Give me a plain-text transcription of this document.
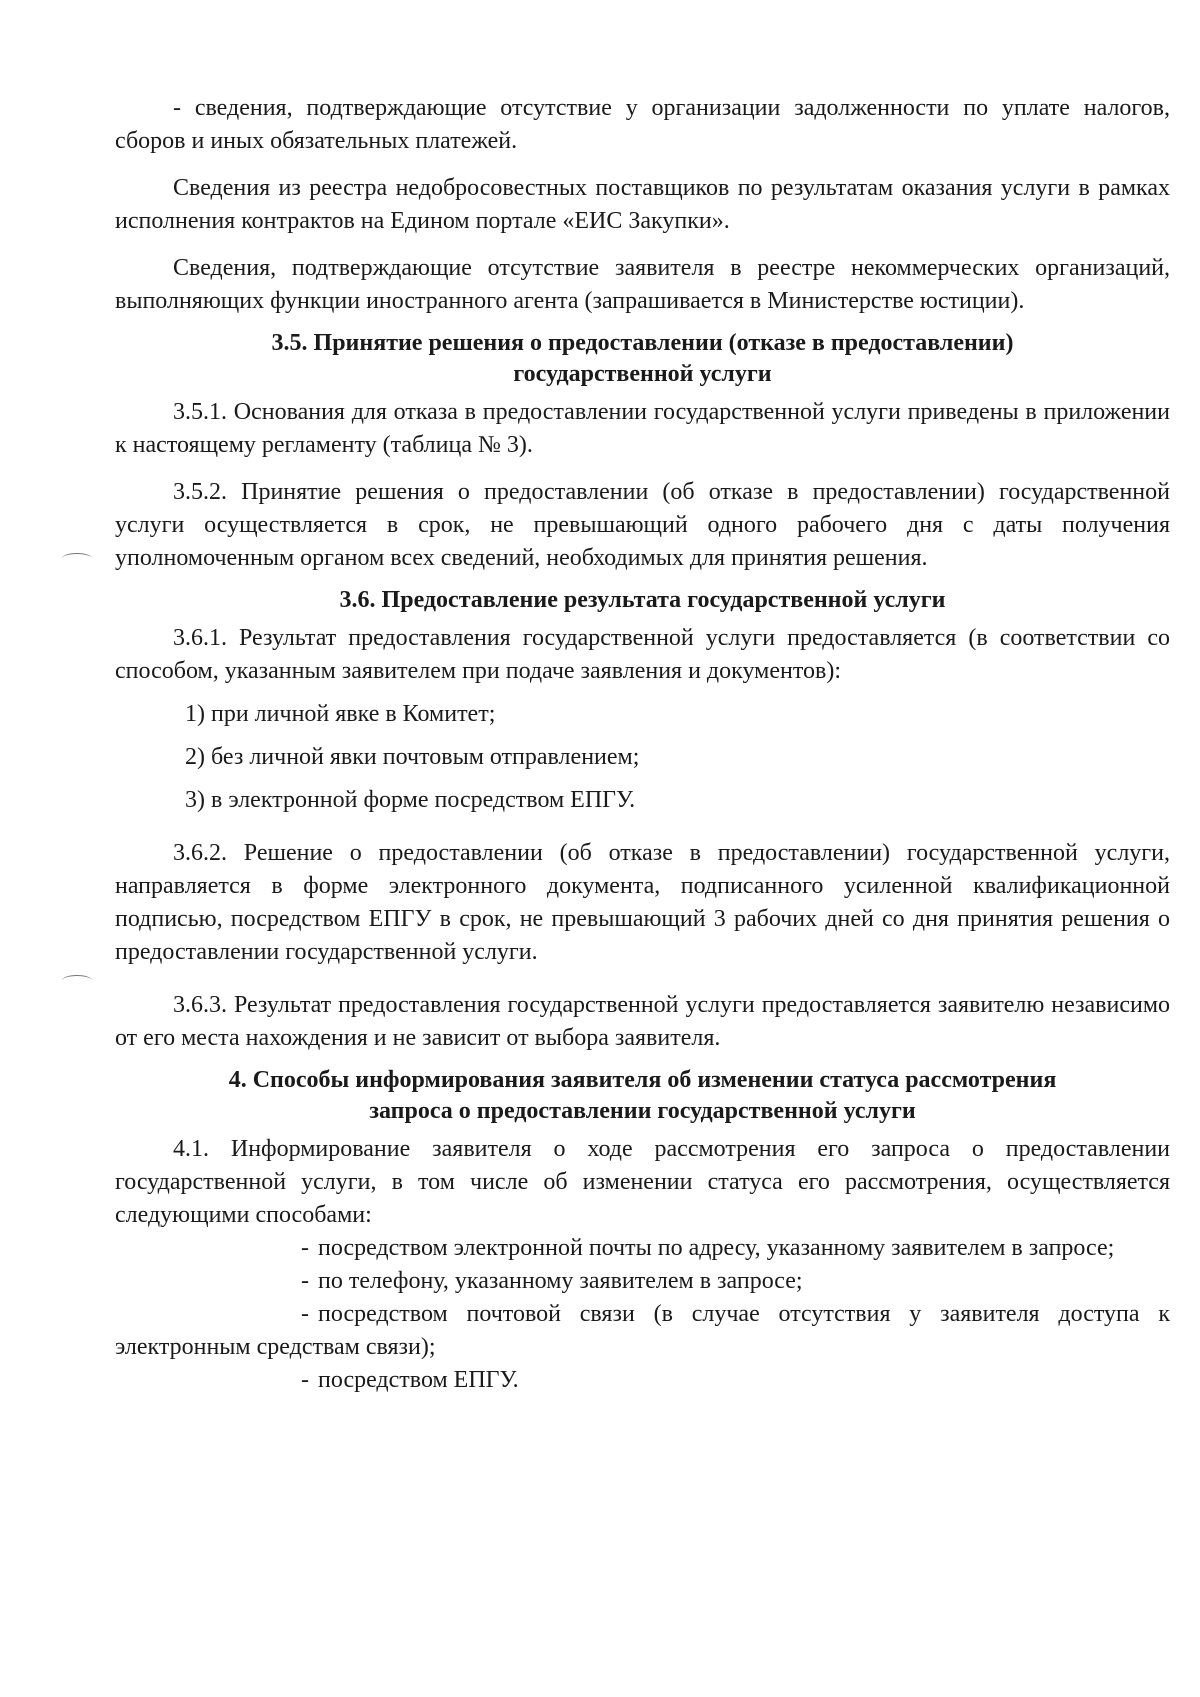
- сведения, подтверждающие отсутствие у организации задолженности по уплате налогов, сборов и иных обязательных платежей.

Сведения из реестра недобросовестных поставщиков по результатам оказания услуги в рамках исполнения контрактов на Едином портале «ЕИС Закупки».

Сведения, подтверждающие отсутствие заявителя в реестре некоммерческих организаций, выполняющих функции иностранного агента (запрашивается в Министерстве юстиции).

3.5. Принятие решения о предоставлении (отказе в предоставлении)
государственной услуги

3.5.1. Основания для отказа в предоставлении государственной услуги приведены в приложении к настоящему регламенту (таблица № 3).

3.5.2. Принятие решения о предоставлении (об отказе в предоставлении) государственной услуги осуществляется в срок, не превышающий одного рабочего дня с даты получения уполномоченным органом всех сведений, необходимых для принятия решения.

3.6. Предоставление результата государственной услуги

3.6.1. Результат предоставления государственной услуги предоставляется (в соответствии со способом, указанным заявителем при подаче заявления и документов):

1) при личной явке в Комитет;

2) без личной явки почтовым отправлением;

3) в электронной форме посредством ЕПГУ.

3.6.2. Решение о предоставлении (об отказе в предоставлении) государственной услуги, направляется в форме электронного документа, подписанного усиленной квалификационной подписью, посредством ЕПГУ в срок, не превышающий 3 рабочих дней со дня принятия решения о предоставлении государственной услуги.

3.6.3. Результат предоставления государственной услуги предоставляется заявителю независимо от его места нахождения и не зависит от выбора заявителя.

4. Способы информирования заявителя об изменении статуса рассмотрения
запроса о предоставлении государственной услуги

4.1. Информирование заявителя о ходе рассмотрения его запроса о предоставлении государственной услуги, в том числе об изменении статуса его рассмотрения, осуществляется следующими способами:

- посредством электронной почты по адресу, указанному заявителем в запросе;

- по телефону, указанному заявителем в запросе;

- посредством почтовой связи (в случае отсутствия у заявителя доступа к электронным средствам связи);

- посредством ЕПГУ.
